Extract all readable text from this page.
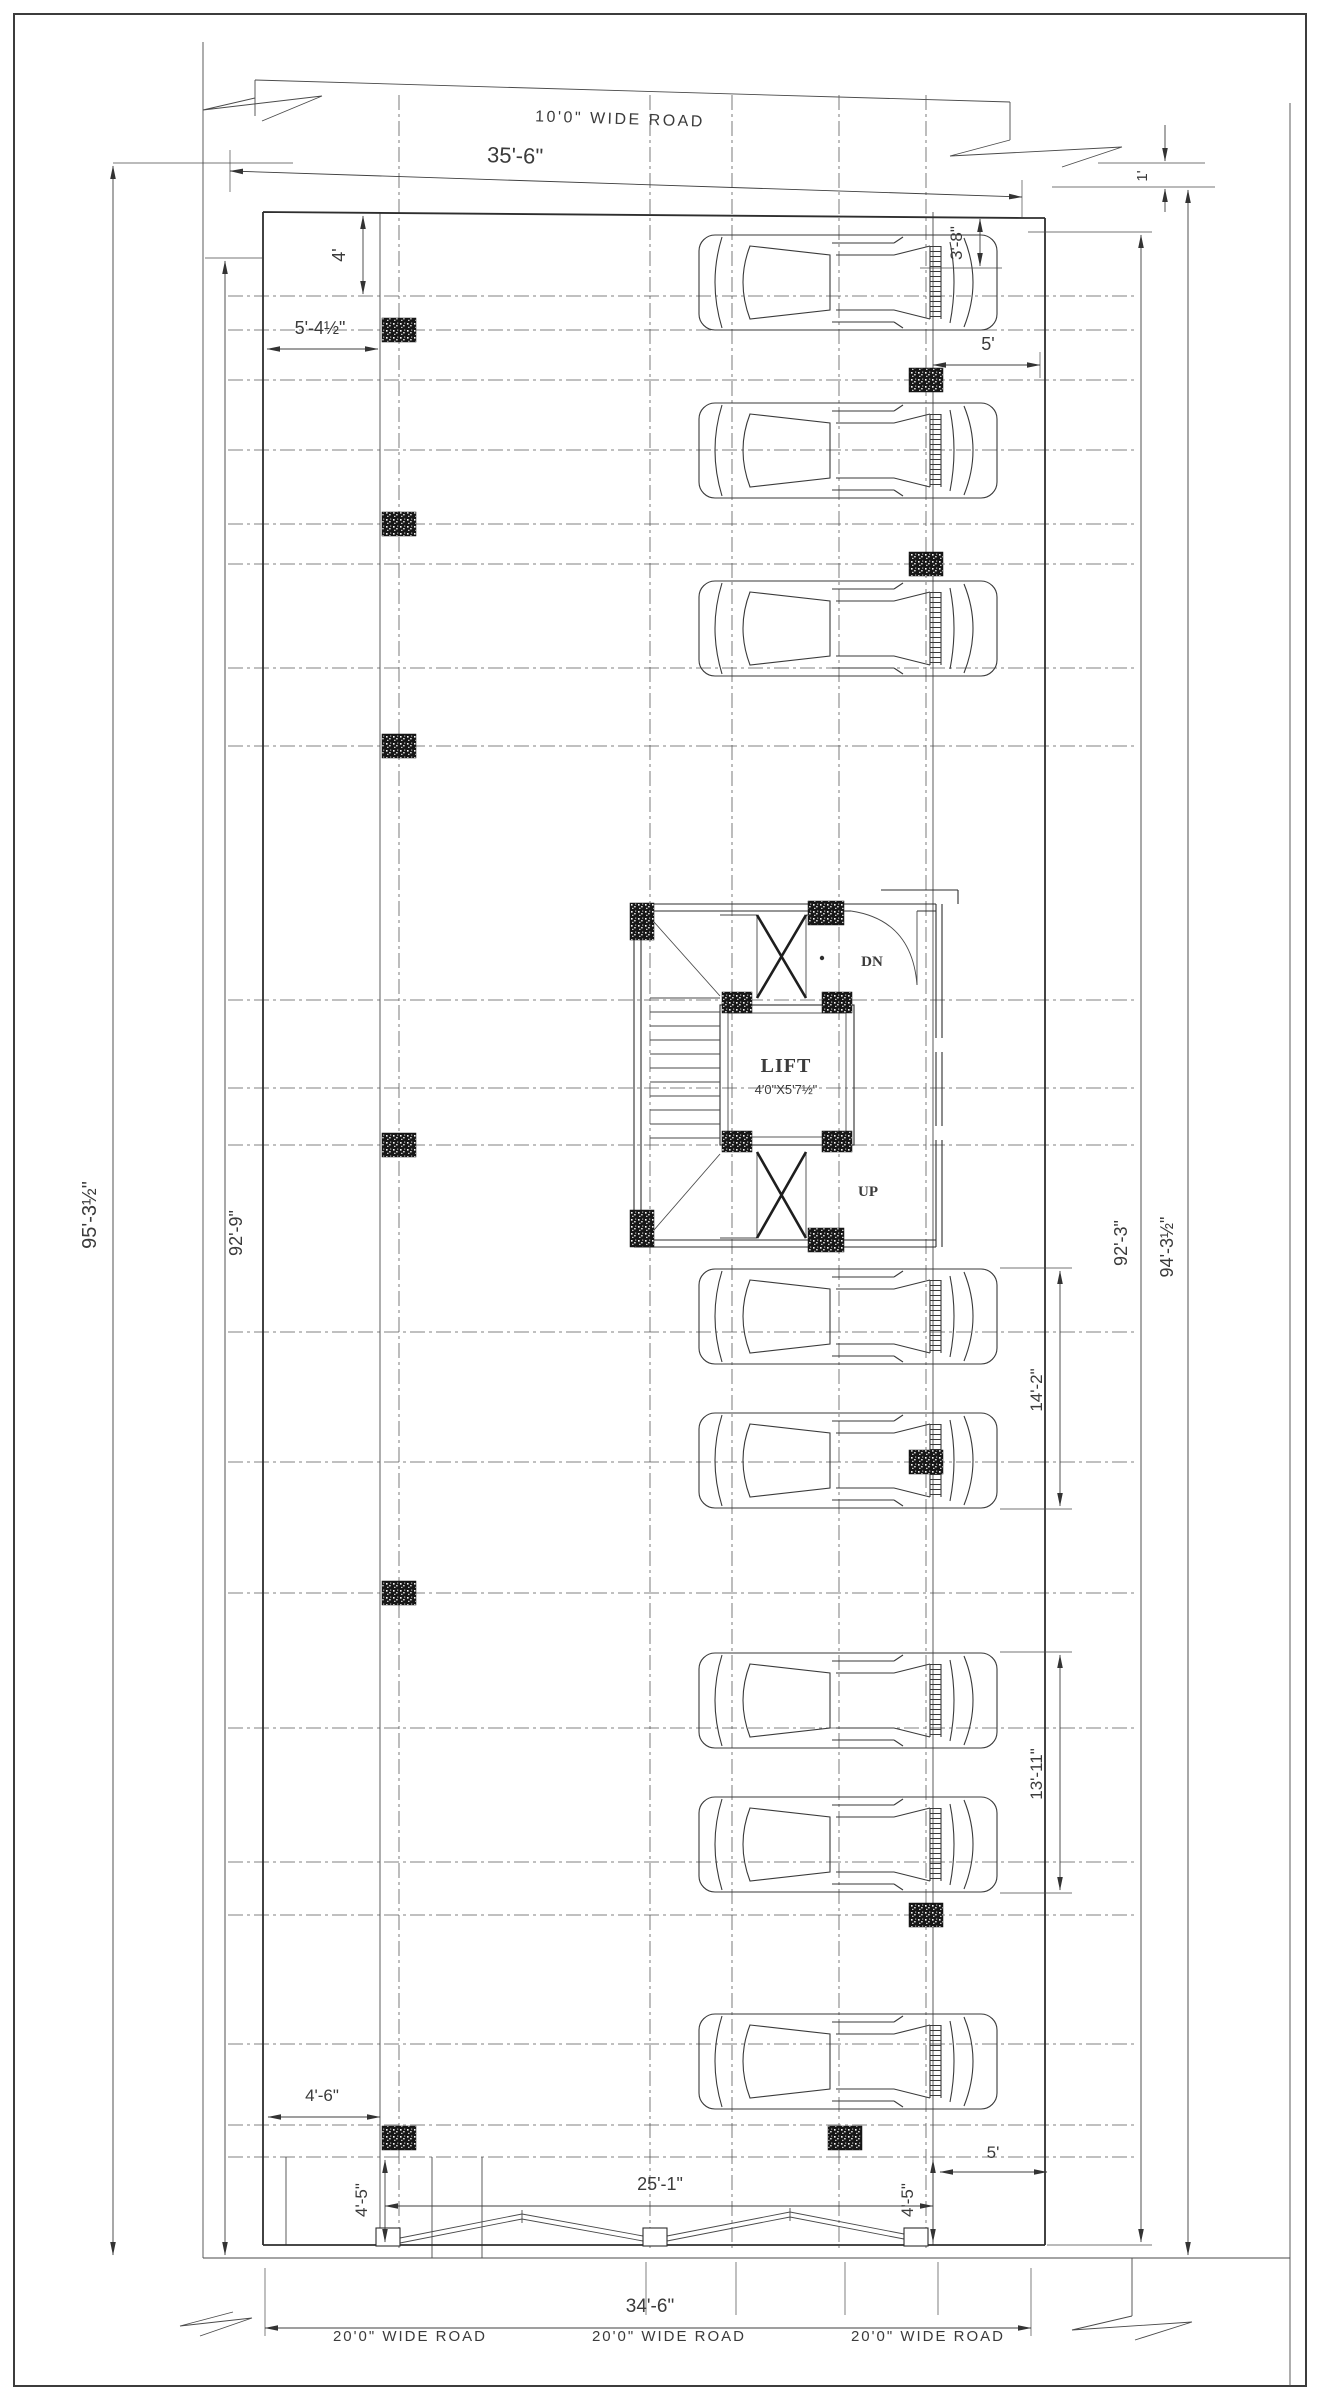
10'0" WIDE ROAD
LIFT
4'0"X5'7½"
DN
UP
35'-6"
4'
5'-4½"
3'-8"
5'
1'
95'-3½"	92'-9"	92'-3" 94'-3½"
14'-2"
13'-11"
4'-6"
4'-5"	25'-1"	4'-5"
5'
34'-6"
20'0" WIDE ROAD	20'0" WIDE ROAD	20'0" WIDE ROAD
